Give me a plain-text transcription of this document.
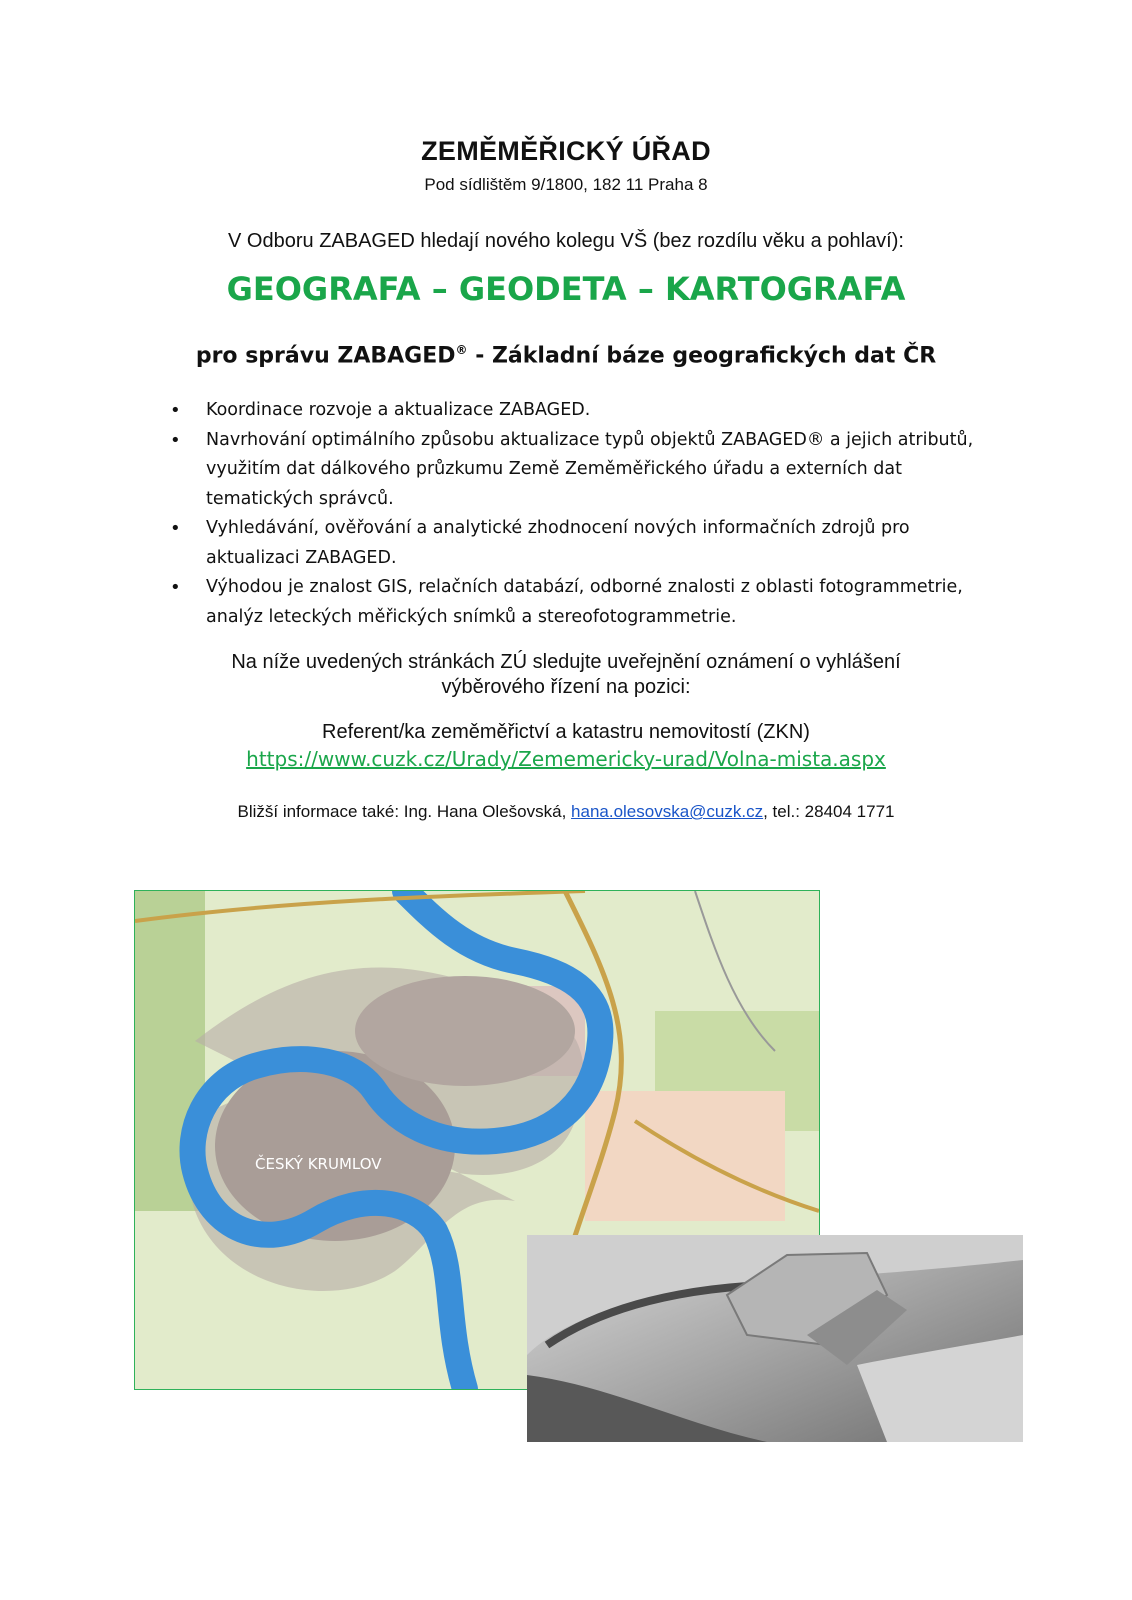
ZEMĚMĚŘICKÝ ÚŘAD
Pod sídlištěm 9/1800, 182 11 Praha 8
V Odboru ZABAGED hledají nového kolegu VŠ (bez rozdílu věku a pohlaví):
GEOGRAFA – GEODETA – KARTOGRAFA
pro správu ZABAGED® - Základní báze geografických dat ČR
• Koordinace rozvoje a aktualizace ZABAGED.
• Navrhování optimálního způsobu aktualizace typů objektů ZABAGED® a jejich atributů, využitím dat dálkového průzkumu Země Zeměměřického úřadu a externích dat tematických správců.
• Vyhledávání, ověřování a analytické zhodnocení nových informačních zdrojů pro aktualizaci ZABAGED.
• Výhodou je znalost GIS, relačních databází, odborné znalosti z oblasti fotogrammetrie, analýz leteckých měřických snímků a stereofotogrammetrie.
Na níže uvedených stránkách ZÚ sledujte uveřejnění oznámení o vyhlášení
výběrového řízení na pozici:
Referent/ka zeměměřictví a katastru nemovitostí (ZKN)
https://www.cuzk.cz/Urady/Zememericky-urad/Volna-mista.aspx
Bližší informace také: Ing. Hana Olešovská, hana.olesovska@cuzk.cz, tel.: 28404 1771
ČESKÝ KRUMLOV
